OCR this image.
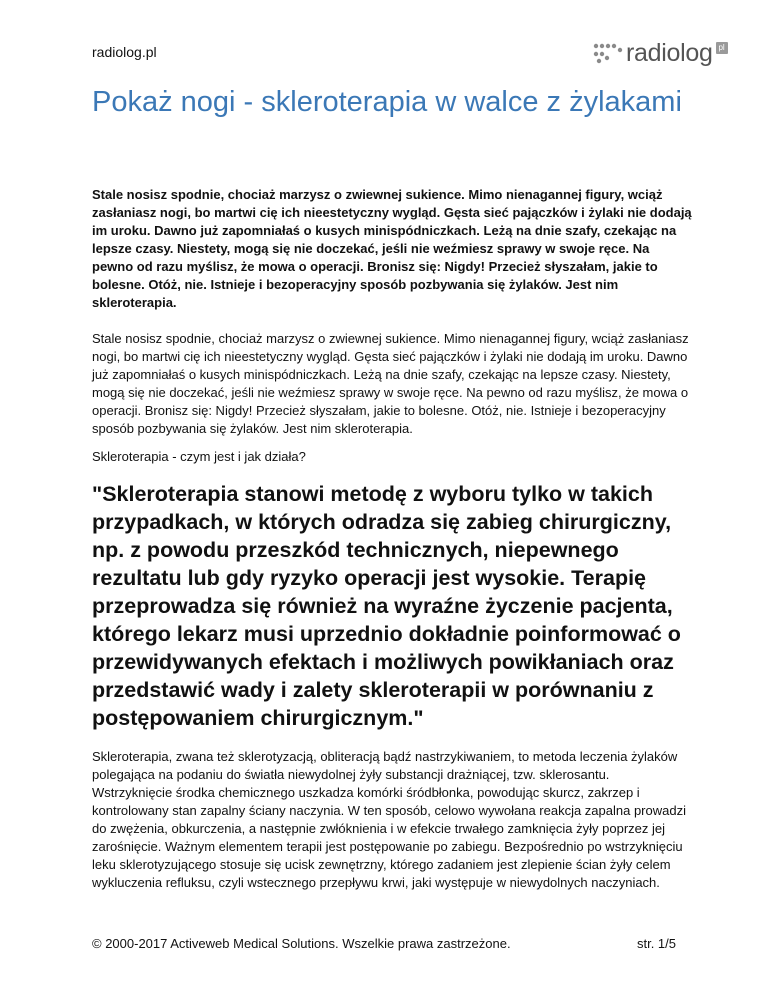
radiolog.pl	radiolog pl
Pokaż nogi - skleroterapia w walce z żylakami

Stale nosisz spodnie, chociaż marzysz o zwiewnej sukience. Mimo nienagannej figury, wciąż zasłaniasz nogi, bo martwi cię ich nieestetyczny wygląd. Gęsta sieć pajączków i żylaki nie dodają im uroku. Dawno już zapomniałaś o kusych minispódniczkach. Leżą na dnie szafy, czekając na lepsze czasy. Niestety, mogą się nie doczekać, jeśli nie weźmiesz sprawy w swoje ręce. Na pewno od razu myślisz, że mowa o operacji. Bronisz się: Nigdy! Przecież słyszałam, jakie to bolesne. Otóż, nie. Istnieje i bezoperacyjny sposób pozbywania się żylaków. Jest nim skleroterapia.

Stale nosisz spodnie, chociaż marzysz o zwiewnej sukience. Mimo nienagannej figury, wciąż zasłaniasz nogi, bo martwi cię ich nieestetyczny wygląd. Gęsta sieć pajączków i żylaki nie dodają im uroku. Dawno już zapomniałaś o kusych minispódniczkach. Leżą na dnie szafy, czekając na lepsze czasy. Niestety, mogą się nie doczekać, jeśli nie weźmiesz sprawy w swoje ręce. Na pewno od razu myślisz, że mowa o operacji. Bronisz się: Nigdy! Przecież słyszałam, jakie to bolesne. Otóż, nie. Istnieje i bezoperacyjny sposób pozbywania się żylaków. Jest nim skleroterapia.

Skleroterapia - czym jest i jak działa?

"Skleroterapia stanowi metodę z wyboru tylko w takich przypadkach, w których odradza się zabieg chirurgiczny, np. z powodu przeszkód technicznych, niepewnego rezultatu lub gdy ryzyko operacji jest wysokie. Terapię przeprowadza się również na wyraźne życzenie pacjenta, którego lekarz musi uprzednio dokładnie poinformować o przewidywanych efektach i możliwych powikłaniach oraz przedstawić wady i zalety skleroterapii w porównaniu z postępowaniem chirurgicznym."

Skleroterapia, zwana też sklerotyzacją, obliteracją bądź nastrzykiwaniem, to metoda leczenia żylaków polegająca na podaniu do światła niewydolnej żyły substancji drażniącej, tzw. sklerosantu. Wstrzyknięcie środka chemicznego uszkadza komórki śródbłonka, powodując skurcz, zakrzep i kontrolowany stan zapalny ściany naczynia. W ten sposób, celowo wywołana reakcja zapalna prowadzi do zwężenia, obkurczenia, a następnie zwłóknienia i w efekcie trwałego zamknięcia żyły poprzez jej zarośnięcie. Ważnym elementem terapii jest postępowanie po zabiegu. Bezpośrednio po wstrzyknięciu leku sklerotyzującego stosuje się ucisk zewnętrzny, którego zadaniem jest zlepienie ścian żyły celem wykluczenia refluksu, czyli wstecznego przepływu krwi, jaki występuje w niewydolnych naczyniach.

© 2000-2017 Activeweb Medical Solutions. Wszelkie prawa zastrzeżone.	str. 1/5
